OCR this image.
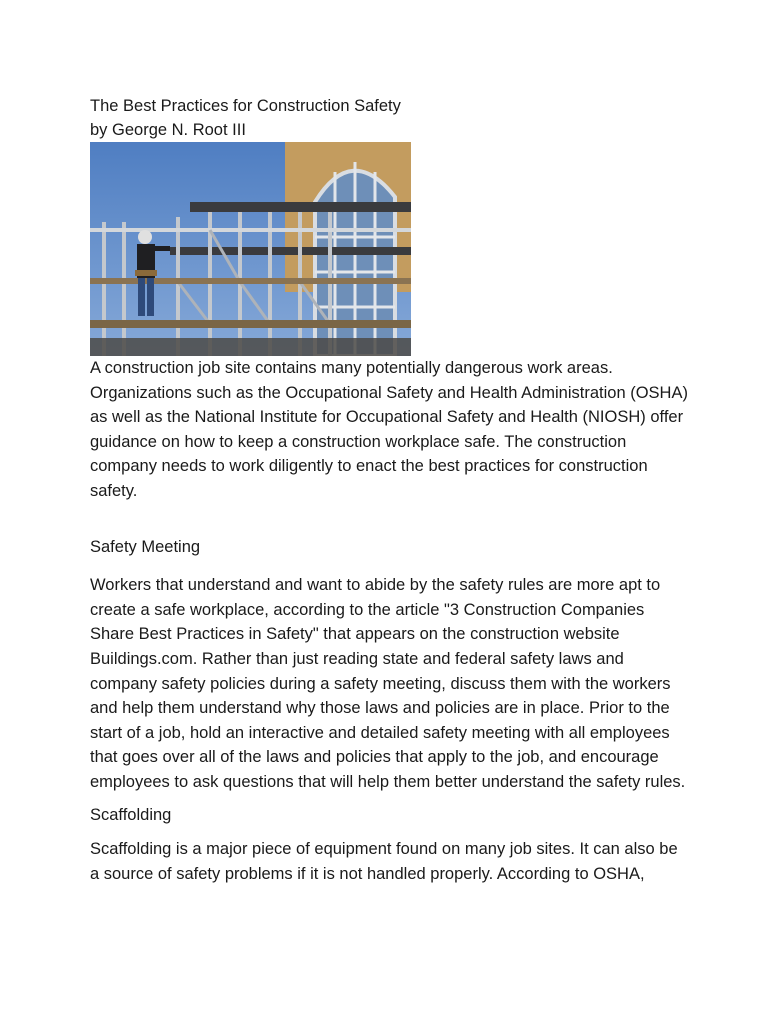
The Best Practices for Construction Safety

by George N. Root III

A construction job site contains many potentially dangerous work areas. Organizations such as the Occupational Safety and Health Administration (OSHA) as well as the National Institute for Occupational Safety and Health (NIOSH) offer guidance on how to keep a construction workplace safe. The construction company needs to work diligently to enact the best practices for construction safety.

Safety Meeting

Workers that understand and want to abide by the safety rules are more apt to create a safe workplace, according to the article "3 Construction Companies Share Best Practices in Safety" that appears on the construction website Buildings.com. Rather than just reading state and federal safety laws and company safety policies during a safety meeting, discuss them with the workers and help them understand why those laws and policies are in place. Prior to the start of a job, hold an interactive and detailed safety meeting with all employees that goes over all of the laws and policies that apply to the job, and encourage employees to ask questions that will help them better understand the safety rules.

Scaffolding

Scaffolding is a major piece of equipment found on many job sites. It can also be a source of safety problems if it is not handled properly. According to OSHA,
